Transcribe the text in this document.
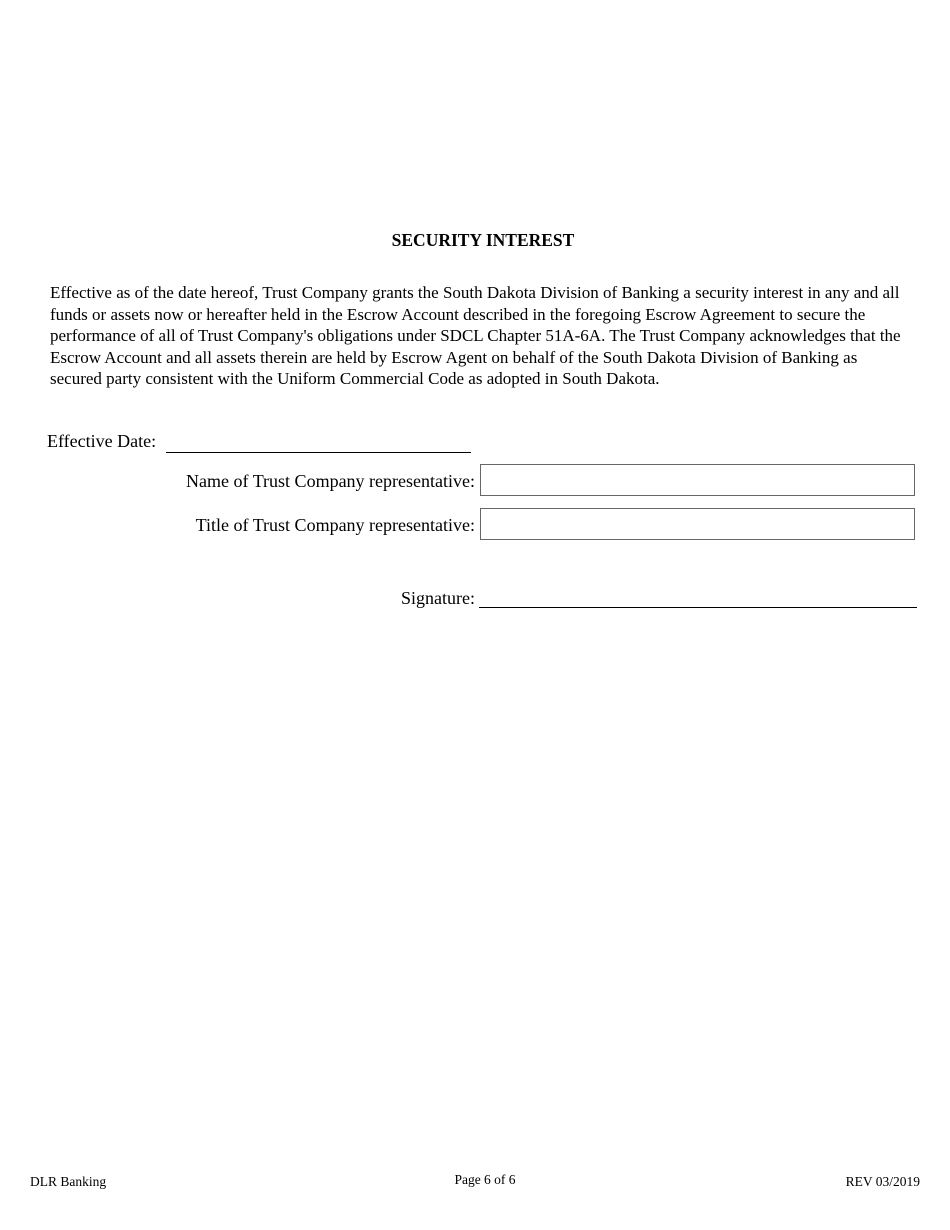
SECURITY INTEREST

Effective as of the date hereof, Trust Company grants the South Dakota Division of Banking a security interest in any and all funds or assets now or hereafter held in the Escrow Account described in the foregoing Escrow Agreement to secure the performance of all of Trust Company's obligations under SDCL Chapter 51A-6A. The Trust Company acknowledges that the Escrow Account and all assets therein are held by Escrow Agent on behalf of the South Dakota Division of Banking as secured party consistent with the Uniform Commercial Code as adopted in South Dakota.

Effective Date:
Name of Trust Company representative:
Title of Trust Company representative:
Signature:
DLR Banking	Page 6 of 6	REV 03/2019
